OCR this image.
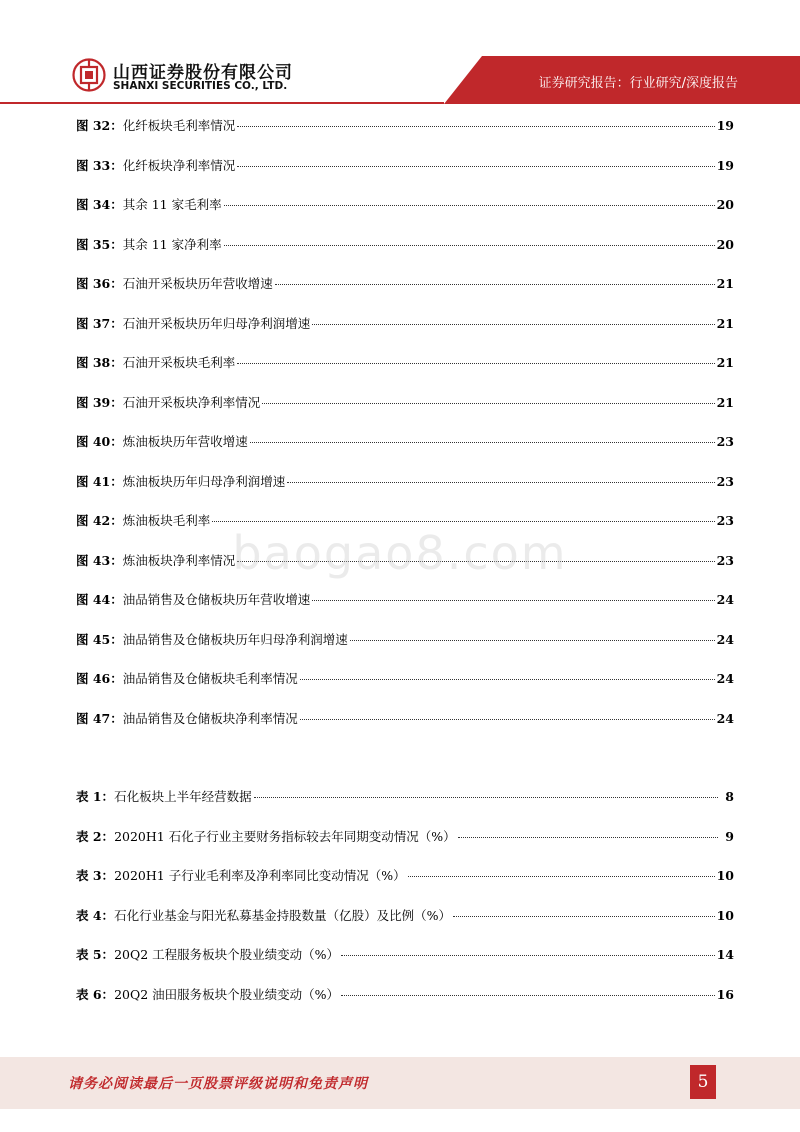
山西证券股份有限公司
SHANXI SECURITIES CO., LTD.	证券研究报告：行业研究/深度报告
图 32： 化纤板块毛利率情况	19
图 33： 化纤板块净利率情况	19
图 34： 其余 11 家毛利率	20
图 35： 其余 11 家净利率	20
图 36： 石油开采板块历年营收增速	21
图 37： 石油开采板块历年归母净利润增速	21
图 38： 石油开采板块毛利率	21
图 39： 石油开采板块净利率情况	21
图 40： 炼油板块历年营收增速	23
图 41： 炼油板块历年归母净利润增速	23
图 42： 炼油板块毛利率	23
图 43： 炼油板块净利率情况	23
图 44： 油品销售及仓储板块历年营收增速	24
图 45： 油品销售及仓储板块历年归母净利润增速	24
图 46： 油品销售及仓储板块毛利率情况	24
图 47： 油品销售及仓储板块净利率情况	24
表 1： 石化板块上半年经营数据	8
表 2： 2020H1 石化子行业主要财务指标较去年同期变动情况（%）	9
表 3： 2020H1 子行业毛利率及净利率同比变动情况（%）	10
表 4： 石化行业基金与阳光私募基金持股数量（亿股）及比例（%）	10
表 5： 20Q2 工程服务板块个股业绩变动（%）	14
表 6： 20Q2 油田服务板块个股业绩变动（%）	16
baogao8.com
请务必阅读最后一页股票评级说明和免责声明	5
